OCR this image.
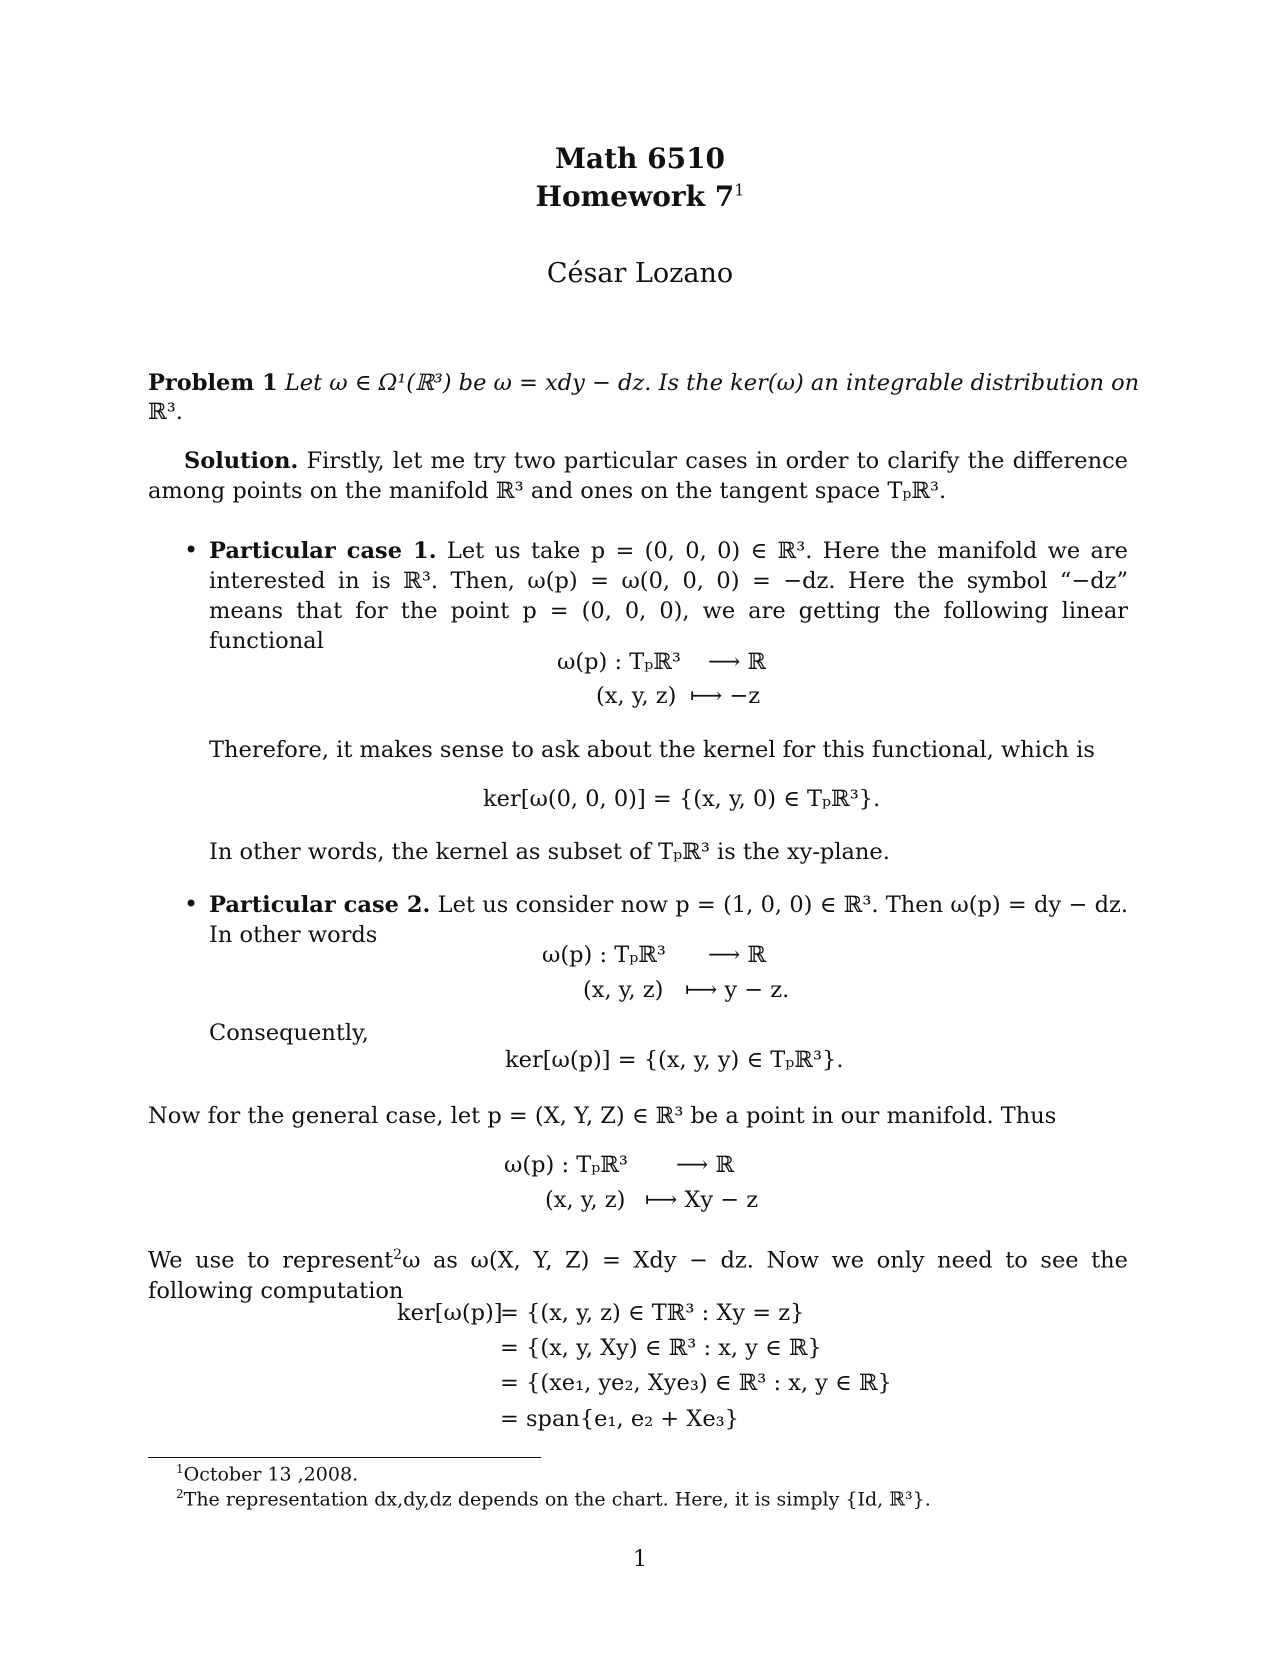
Math 6510
Homework $7^1$
César Lozano
Problem 1 Let ω ∈ Ω¹(ℝ³) be ω = xdy − dz. Is the ker(ω) an integrable distribution on
ℝ³.
Solution. Firstly, let me try two particular cases in order to clarify the difference among points on the manifold ℝ³ and ones on the tangent space Tₚℝ³.
• Particular case 1. Let us take p = (0, 0, 0) ∈ ℝ³. Here the manifold we are interested in is ℝ³. Then, ω(p) = ω(0, 0, 0) = −dz. Here the symbol “−dz” means that for the point p = (0, 0, 0), we are getting the following linear functional
ω(p) : Tₚℝ³ ⟶ ℝ
(x, y, z) ⟼ −z
Therefore, it makes sense to ask about the kernel for this functional, which is
ker[ω(0, 0, 0)] = {(x, y, 0) ∈ Tₚℝ³}.
In other words, the kernel as subset of Tₚℝ³ is the xy-plane.
• Particular case 2. Let us consider now p = (1, 0, 0) ∈ ℝ³. Then ω(p) = dy − dz. In other words
ω(p) : Tₚℝ³ ⟶ ℝ
(x, y, z) ⟼ y − z.
Consequently,
ker[ω(p)] = {(x, y, y) ∈ Tₚℝ³}.
Now for the general case, let p = (X, Y, Z) ∈ ℝ³ be a point in our manifold. Thus
ω(p) : Tₚℝ³ ⟶ ℝ
(x, y, z) ⟼ Xy − z
We use to represent$^2$ω as ω(X, Y, Z) = Xdy − dz. Now we only need to see the following computation
ker[ω(p)]
= {(x, y, z) ∈ Tℝ³ : Xy = z}
= {(x, y, Xy) ∈ ℝ³ : x, y ∈ ℝ}
= {(xe₁, ye₂, Xye₃) ∈ ℝ³ : x, y ∈ ℝ}
= span{e₁, e₂ + Xe₃}
$^1$October 13 ,2008.
$^2$The representation dx,dy,dz depends on the chart. Here, it is simply {Id, ℝ³}.
1
